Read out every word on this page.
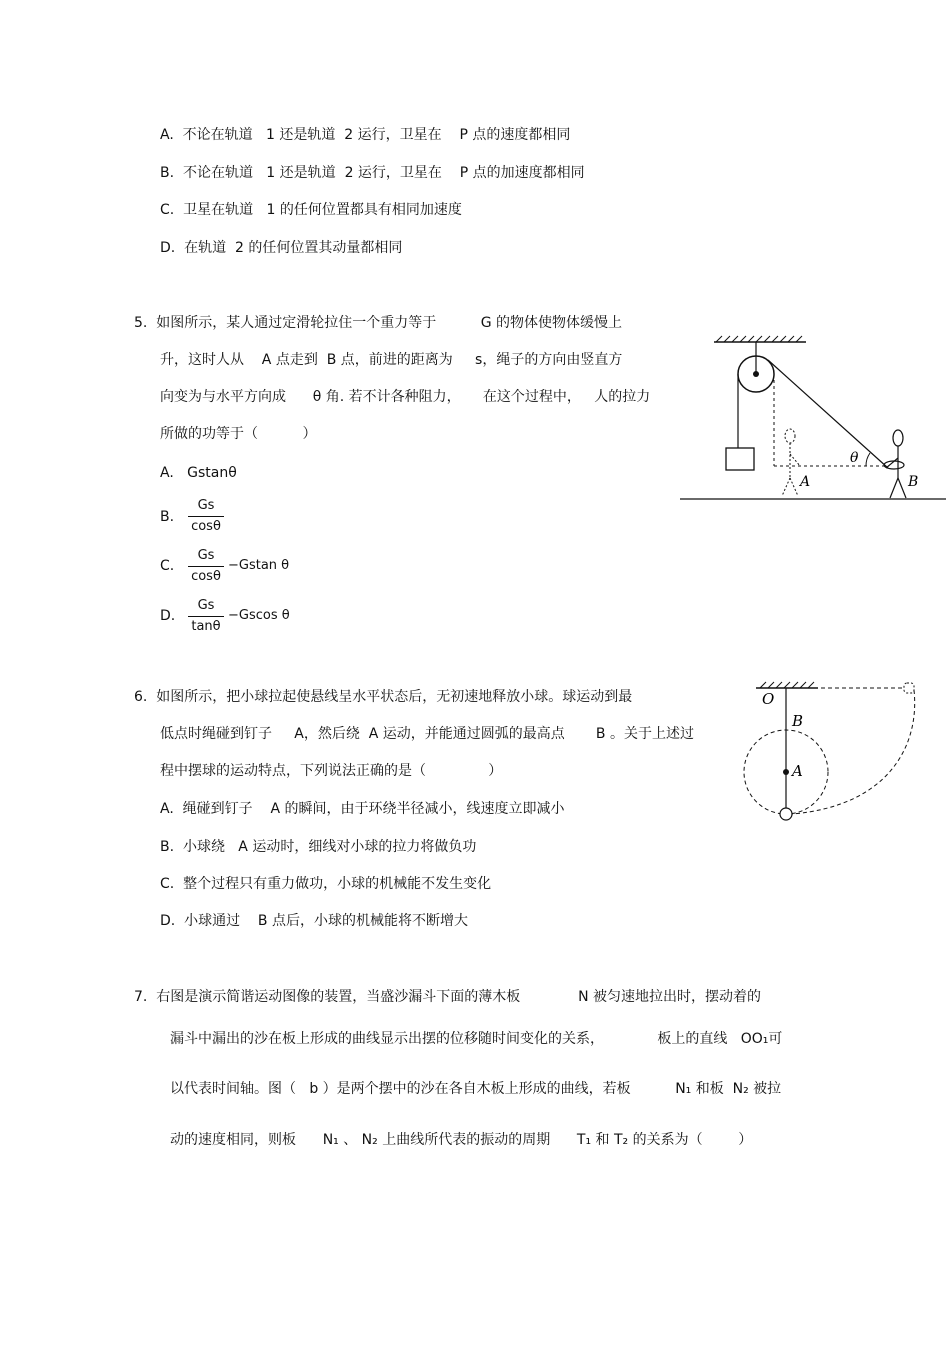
A.  不论在轨道   1 还是轨道  2 运行，卫星在    P 点的速度都相同
B.  不论在轨道   1 还是轨道  2 运行，卫星在    P 点的加速度都相同
C.  卫星在轨道   1 的任何位置都具有相同加速度
D.  在轨道  2 的任何位置其动量都相同
5.  如图所示，某人通过定滑轮拉住一个重力等于          G 的物体使物体缓慢上
升，这时人从    A 点走到  B 点，前进的距离为     s，绳子的方向由竖直方
向变为与水平方向成      θ 角. 若不计各种阻力，     在这个过程中，   人的拉力
所做的功等于（          ）
A.   Gstanθ
B.
Gs
cosθ
C.
Gs
cosθ
−Gstan θ
D.
Gs
tanθ
−Gscos θ
θ
A	B
6.  如图所示，把小球拉起使悬线呈水平状态后，无初速地释放小球。球运动到最
低点时绳碰到钉子     A，然后绕  A 运动，并能通过圆弧的最高点       B 。关于上述过
程中摆球的运动特点，下列说法正确的是（              ）
A.  绳碰到钉子    A 的瞬间，由于环绕半径减小，线速度立即减小
B.  小球绕   A 运动时，细线对小球的拉力将做负功
C.  整个过程只有重力做功，小球的机械能不发生变化
D.  小球通过    B 点后，小球的机械能将不断增大
O
B
A
7.  右图是演示简谐运动图像的装置，当盛沙漏斗下面的薄木板             N 被匀速地拉出时，摆动着的
漏斗中漏出的沙在板上形成的曲线显示出摆的位移随时间变化的关系，            板上的直线   OO₁可
以代表时间轴。图（   b ）是两个摆中的沙在各自木板上形成的曲线，若板          N₁ 和板  N₂ 被拉
动的速度相同，则板      N₁ 、 N₂ 上曲线所代表的振动的周期      T₁ 和 T₂ 的关系为（        ）
